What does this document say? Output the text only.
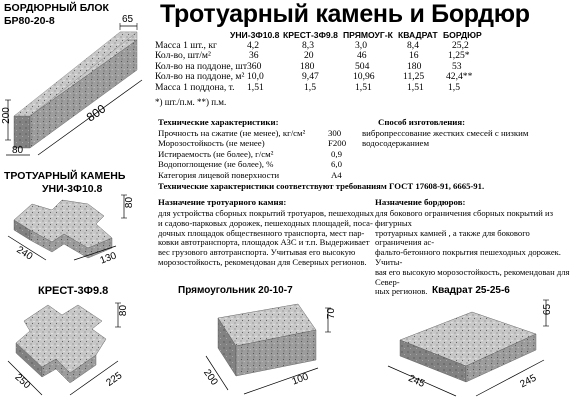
Тротуарный камень и Бордюр
БОРДЮРНЫЙ БЛОК
БР80-20-8	65
200	800
80
УНИ-3Ф10.8 КРЕСТ-3Ф9.8 ПРЯМОУГ-К КВАДРАТ БОРДЮР
Масса 1 шт., кг	4,2	8,3	3,0	8,4	25,2
Кол-во, шт/м²	36	20	46	16	1,25*
Кол-во на поддоне, шт 360	180	504	180	53
Кол-во на поддоне, м² 10,0	9,47	10,96	11,25 42,4**
Масса 1 поддона, т. 1,51	1,5	1,51	1,51	1,5
*) шт./п.м. **) п.м.
Технические характеристики:
Прочность на сжатие (не менее), кг/см²	300
Морозостойкость (не менее)	F200
Истираемость (не более), г/см²	0,9
Водопоглощение (не более), %	6,0
Категория лицевой поверхности	А4
Технические характеристики соответствуют требованиям ГОСТ 17608-91, 6665-91.
Способ изготовления:
вибропрессование жестких смесей с низким
водосодержанием
ТРОТУАРНЫЙ КАМЕНЬ
УНИ-3Ф10.8
80
240	130
Назначение тротуарного камня:
для устройства сборных покрытий тротуаров, пешеходных
и садово-парковых дорожек, пешеходных площадей, поса-
дочных площадок общественного транспорта, мест пар-
ковки автотранспорта, площадок АЗС и т.п. Выдерживает
вес грузового автотранспорта. Учитывая его высокую
морозостойкость, рекомендован для Северных регионов.
Назначение бордюров:
для бокового ограничения сборных покрытий из фигурных
тротуарных камней , а также для бокового ограничения ас-
фальто-бетонного покрытия пешеходных дорожек. Учиты-
вая его высокую морозостойкость, рекомендован для Север-
ных регионов.
КРЕСТ-3Ф9.8
80
250	225
Прямоугольник 20-10-7
70
200	100
Квадрат 25-25-6
65
245	245
